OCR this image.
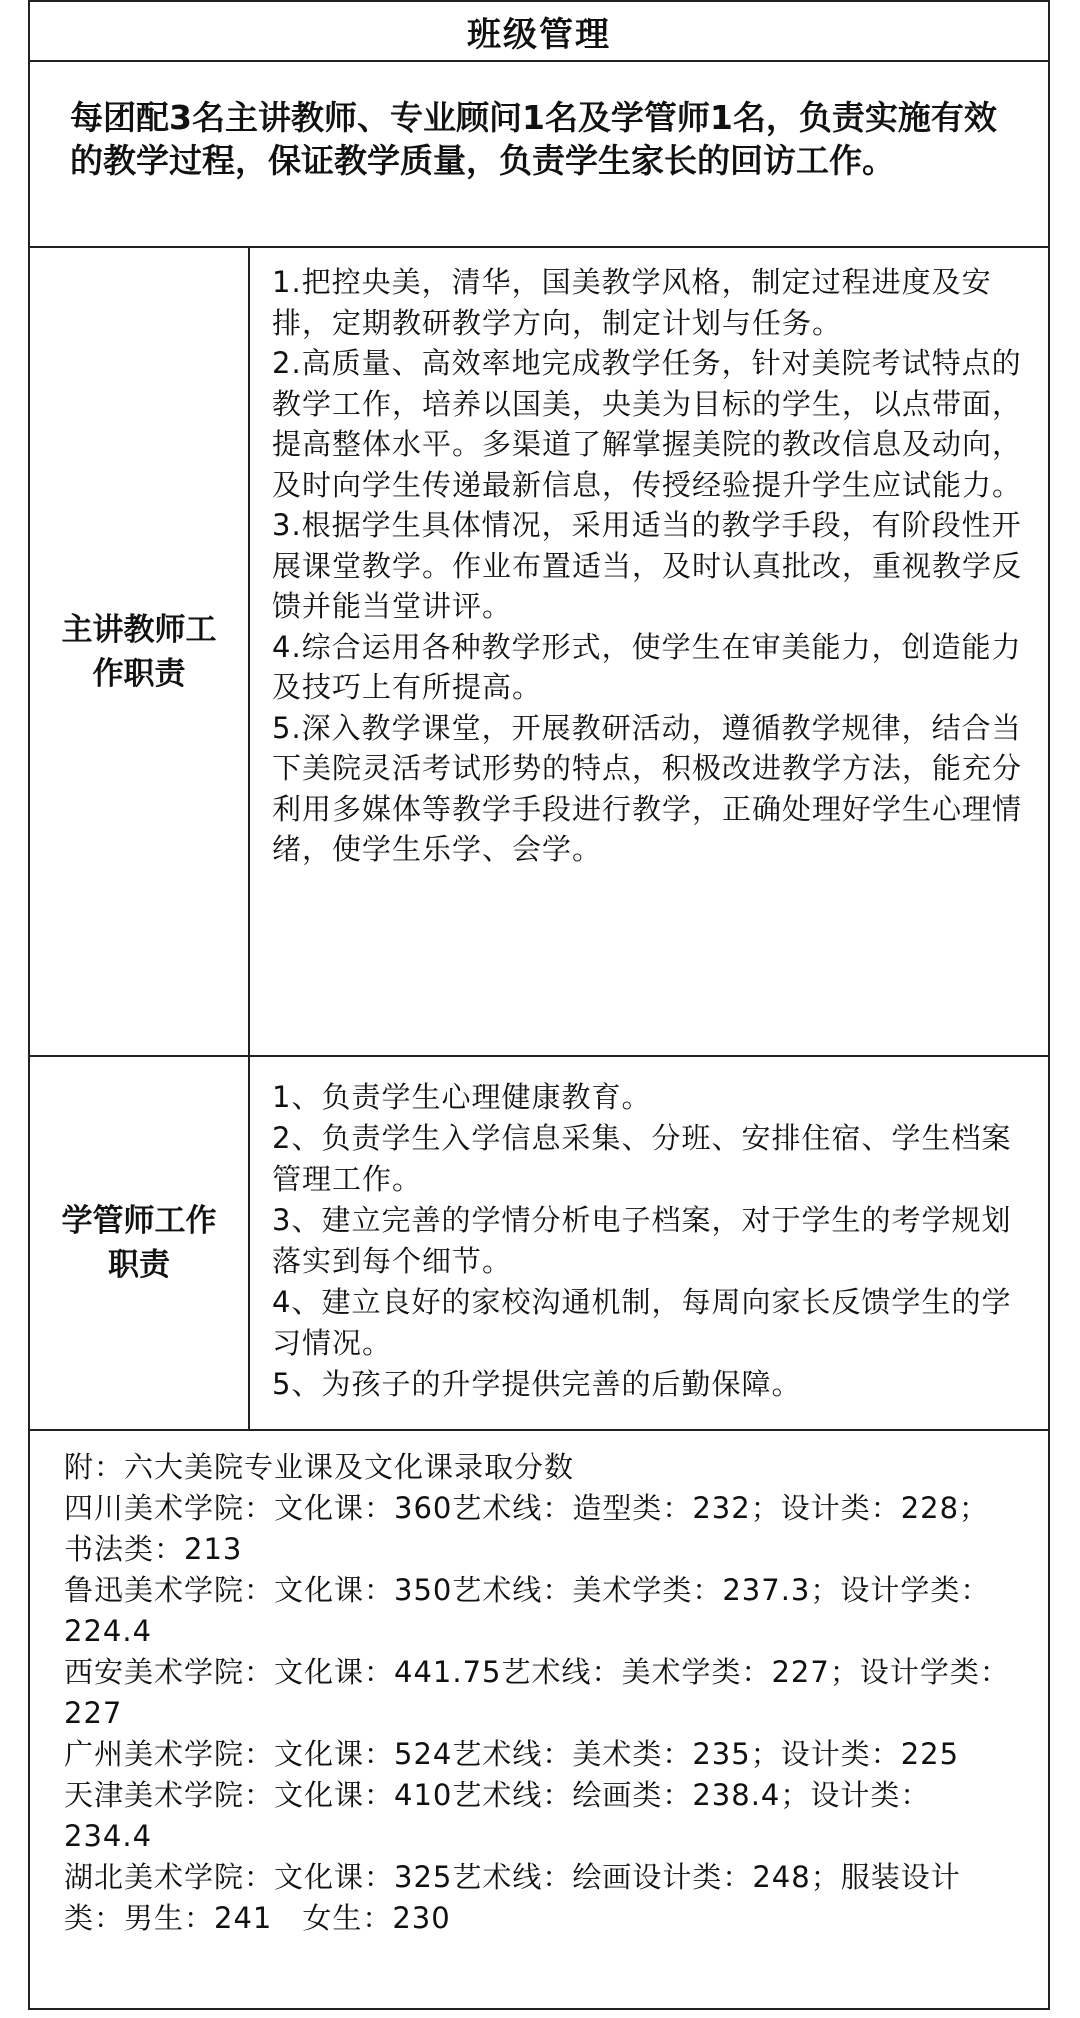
班级管理

每团配3名主讲教师、专业顾问1名及学管师1名，负责实施有效的教学过程，保证教学质量，负责学生家长的回访工作。

主讲教师工作职责

1.把控央美，清华，国美教学风格，制定过程进度及安排，定期教研教学方向，制定计划与任务。

2.高质量、高效率地完成教学任务，针对美院考试特点的教学工作，培养以国美，央美为目标的学生，以点带面，提高整体水平。多渠道了解掌握美院的教改信息及动向，及时向学生传递最新信息，传授经验提升学生应试能力。

3.根据学生具体情况，采用适当的教学手段，有阶段性开展课堂教学。作业布置适当，及时认真批改，重视教学反馈并能当堂讲评。

4.综合运用各种教学形式，使学生在审美能力，创造能力及技巧上有所提高。

5.深入教学课堂，开展教研活动，遵循教学规律，结合当下美院灵活考试形势的特点，积极改进教学方法，能充分利用多媒体等教学手段进行教学，正确处理好学生心理情绪，使学生乐学、会学。

学管师工作职责

1、负责学生心理健康教育。

2、负责学生入学信息采集、分班、安排住宿、学生档案管理工作。

3、建立完善的学情分析电子档案，对于学生的考学规划落实到每个细节。

4、建立良好的家校沟通机制，每周向家长反馈学生的学习情况。

5、为孩子的升学提供完善的后勤保障。

附：六大美院专业课及文化课录取分数

四川美术学院：文化课：360艺术线：造型类：232；设计类：228；书法类：213

鲁迅美术学院：文化课：350艺术线：美术学类：237.3；设计学类：224.4

西安美术学院：文化课：441.75艺术线：美术学类：227；设计学类：227

广州美术学院：文化课：524艺术线：美术类：235；设计类：225

天津美术学院：文化课：410艺术线：绘画类：238.4；设计类：234.4

湖北美术学院：文化课：325艺术线：绘画设计类：248；服装设计类：男生：241　女生：230
